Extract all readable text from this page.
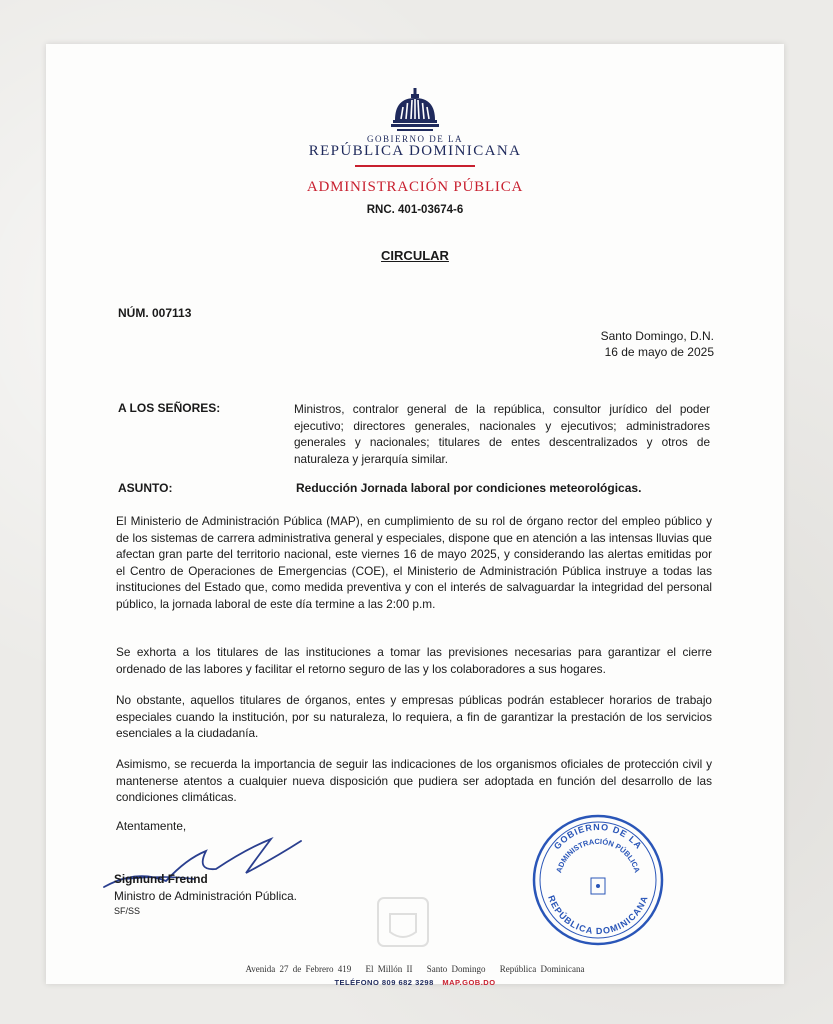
GOBIERNO DE LA
REPÚBLICA DOMINICANA
ADMINISTRACIÓN PÚBLICA
RNC. 401-03674-6
CIRCULAR
NÚM. 007113
Santo Domingo, D.N.
16 de mayo de 2025
A LOS SEÑORES:	Ministros, contralor general de la república, consultor jurídico del poder ejecutivo; directores generales, nacionales y ejecutivos; administradores generales y nacionales; titulares de entes descentralizados y otros de naturaleza y jerarquía similar.
ASUNTO:	Reducción Jornada laboral por condiciones meteorológicas.

El Ministerio de Administración Pública (MAP), en cumplimiento de su rol de órgano rector del empleo público y de los sistemas de carrera administrativa general y especiales, dispone que en atención a las intensas lluvias que afectan gran parte del territorio nacional, este viernes 16 de mayo 2025, y considerando las alertas emitidas por el Centro de Operaciones de Emergencias (COE), el Ministerio de Administración Pública instruye a todas las instituciones del Estado que, como medida preventiva y con el interés de salvaguardar la integridad del personal público, la jornada laboral de este día termine a las 2:00 p.m.

Se exhorta a los titulares de las instituciones a tomar las previsiones necesarias para garantizar el cierre ordenado de las labores y facilitar el retorno seguro de las y los colaboradores a sus hogares.

No obstante, aquellos titulares de órganos, entes y empresas públicas podrán establecer horarios de trabajo especiales cuando la institución, por su naturaleza, lo requiera, a fin de garantizar la prestación de los servicios esenciales a la ciudadanía.

Asimismo, se recuerda la importancia de seguir las indicaciones de los organismos oficiales de protección civil y mantenerse atentos a cualquier nueva disposición que pudiera ser adoptada en función del desarrollo de las condiciones climáticas.

Atentamente,
Sigmund Freund
Ministro de Administración Pública.
SF/SS
GOBIERNO DE LA
ADMINISTRACIÓN PÚBLICA
REPÚBLICA DOMINICANA
Avenida 27 de Febrero 419 El Millón II Santo Domingo República Dominicana
TELÉFONO 809 682 3298 MAP.GOB.DO
